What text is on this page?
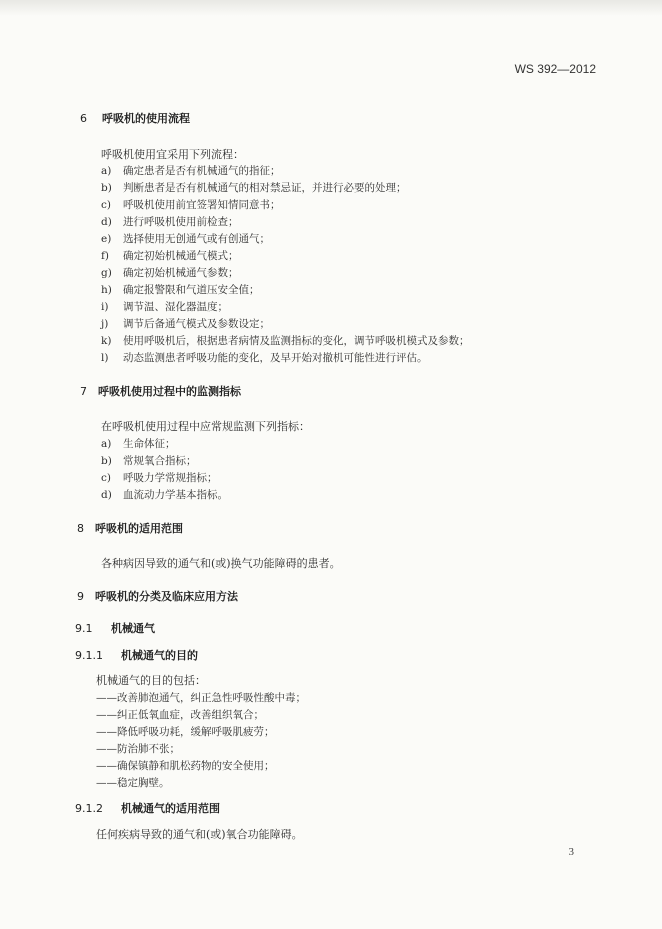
WS 392—2012
6 呼吸机的使用流程
呼吸机使用宜采用下列流程：
a) 确定患者是否有机械通气的指征；
b) 判断患者是否有机械通气的相对禁忌证，并进行必要的处理；
c) 呼吸机使用前宜签署知情同意书；
d) 进行呼吸机使用前检查；
e) 选择使用无创通气或有创通气；
f) 确定初始机械通气模式；
g) 确定初始机械通气参数；
h) 确定报警限和气道压安全值；
i) 调节温、湿化器温度；
j) 调节后备通气模式及参数设定；
k) 使用呼吸机后，根据患者病情及监测指标的变化，调节呼吸机模式及参数；
l) 动态监测患者呼吸功能的变化，及早开始对撤机可能性进行评估。
7 呼吸机使用过程中的监测指标
在呼吸机使用过程中应常规监测下列指标：
a) 生命体征；
b) 常规氧合指标；
c) 呼吸力学常规指标；
d) 血流动力学基本指标。
8 呼吸机的适用范围
各种病因导致的通气和(或)换气功能障碍的患者。
9 呼吸机的分类及临床应用方法
9.1 机械通气
9.1.1 机械通气的目的
机械通气的目的包括：
——改善肺泡通气，纠正急性呼吸性酸中毒；
——纠正低氧血症，改善组织氧合；
——降低呼吸功耗，缓解呼吸肌疲劳；
——防治肺不张；
——确保镇静和肌松药物的安全使用；
——稳定胸壁。
9.1.2 机械通气的适用范围
任何疾病导致的通气和(或)氧合功能障碍。
3
